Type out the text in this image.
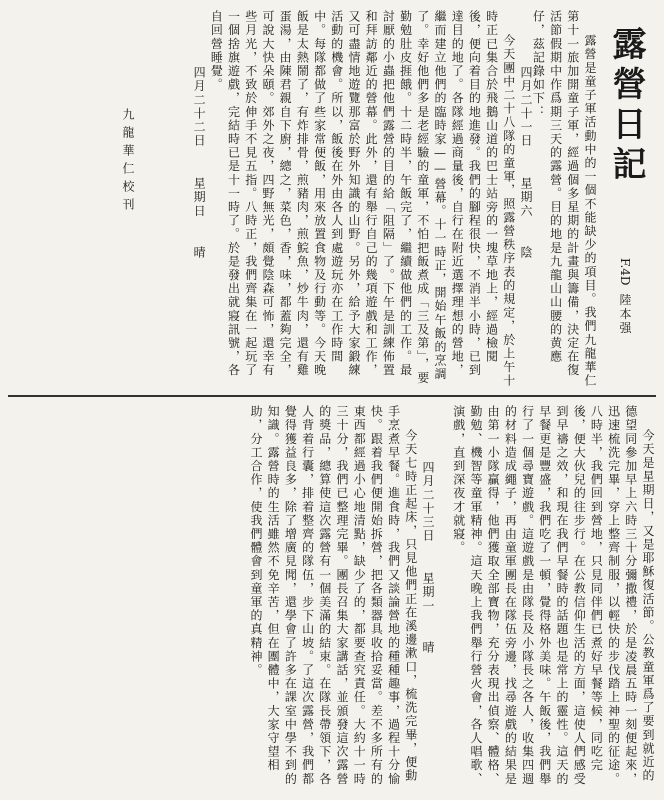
露營日記
F.4D陸本强
露營是童子軍活動中的一個不能缺少的項目。我們九龍華仁第十一旅加開童子軍，經過個多星期的計畫與籌備，決定在復活節假期中作爲期三天的露營。目的地是九龍山山腰的黄應仔，茲記錄如下：
四月二十一日星期六陰
今天團中二十八隊的童軍，照露營秩序表的規定，於上午十時正已集合於飛鵝山道的巴士站旁的一塊草地上，經過檢閱後，便向着目的地進發。我們的腳程很快，不消半小時，已到達目的地了。各隊經過商量後，自行在附近選擇理想的營地，繼而建立他們的臨時家——營幕。十一時正，開始午飯的烹調了。幸好他們多是老經驗的童軍，不怕把飯煮成「三及第」，要勤勉肚皮捱餓。十二時半，午飯完了，繼續做他們的工作。最討厭的小蟲把他們露營的目的給「阻隔」了。下午是訓練佈置和拜訪鄰近的營幕。此外，還有舉行自己的幾項遊戲和工作，又可盡情地遊覽那富於野外知識的山野。另外，給予大家鍛練活動的機會。所以，飯後在外由各人到處遊玩亦在工作時間中。每隊都做了些家常便飯，用來放置食物及行動等。今天晚飯是太熱鬧了，有炸排骨，煎豬肉，煎鯇魚，炒牛肉，還有雞蛋湯，由陳君親自下廚，總之，菜色，香，味，都蓋夠完全，可說大快朵頤。郊外之夜，四野無光，頗覺陰森可怖，還幸有些月光，不致於伸手不見五指。八時正，我們齊集在一起玩了一個捨旗遊戲，完結時已是十一時了。於是發出就寢訊號，各自回營睡覺。
四月二十二日星期日晴
九龍華仁校刊
今天是星期日，又是耶穌復活節。公教童軍爲了要到就近的德望同參加早上六時三十分彌撒禮，於是凌晨五時一刻便起來，迅速梳洗完畢，穿上整齊制服，以輕快的步伐踏上神聖的征途。八時半，我們回到營地，只見同伴們已煮好早餐等候，同吃完後，便大伙兒的往步行。在公教信仰生活的方面，這使人們感受到早禱之效，和現在我們早餐時的話題也是常上的靈性。這天的早餐更是豐盛，我們吃了一頓，覺得格外美味。午飯後，我們舉行了一個尋寶遊戲。這遊戲是由隊長及小隊長之各人，收集四週的材料造成繩子，再由童軍團長在隊伍旁邊，找尋遊戲的結果是由第一小隊贏得，他們獲取全部寶物，充分表現出偵察、體格、勤勉、機智等童軍精神。這天晚上我們舉行營火會，各人唱歌、演戲，直到深夜才就寢。
四月二十三日星期一晴
今天七時正起床，只見他們正在溪邊漱口，梳洗完畢，便動手烹煮早餐。進食時，我們又談論營地的種種趣事，過程十分愉快。跟着我們便開始拆營，把各類器具收拾妥當。差不多所有的東西都經過小心地清點，缺少了的，都要查究責任。大約十一時三十分，我們已整理完畢。團長召集大家講話，並頒發這次露營的獎品，總算使這次露營有一個美滿的結束。在隊長帶領下，各人背着行囊，排着整齊的隊伍，步下山坡。了這次露營，我們都覺得獲益良多，除了增廣見聞，還學會了許多在課室中學不到的知識。露營時的生活雖然不免辛苦，但在團體中，大家守望相助，分工合作，使我們體會到童軍的真精神。
